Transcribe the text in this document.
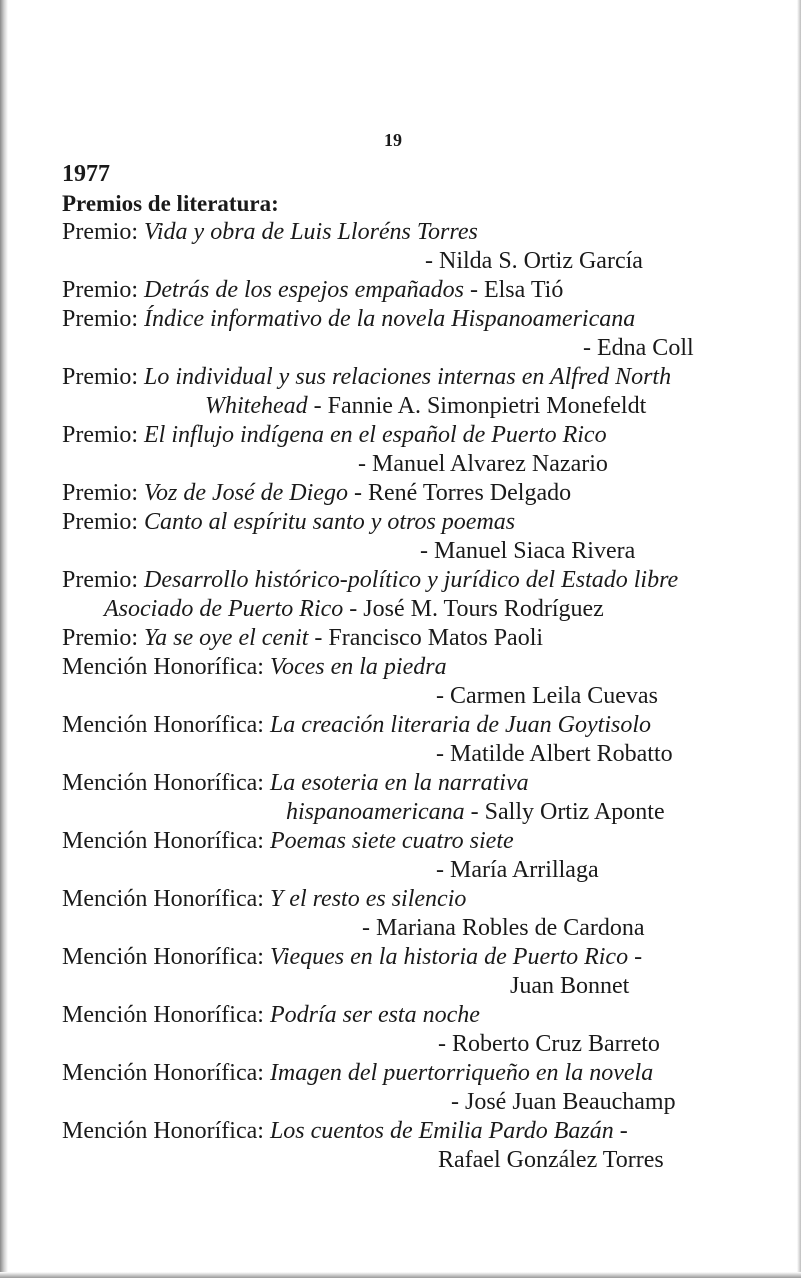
19
1977
Premios de literatura:
Premio: Vida y obra de Luis Lloréns Torres
- Nilda S. Ortiz García
Premio: Detrás de los espejos empañados - Elsa Tió
Premio: Índice informativo de la novela Hispanoamericana
- Edna Coll
Premio: Lo individual y sus relaciones internas en Alfred North
Whitehead - Fannie A. Simonpietri Monefeldt
Premio: El influjo indígena en el español de Puerto Rico
- Manuel Alvarez Nazario
Premio: Voz de José de Diego - René Torres Delgado
Premio: Canto al espíritu santo y otros poemas
- Manuel Siaca Rivera
Premio: Desarrollo histórico-político y jurídico del Estado libre
Asociado de Puerto Rico - José M. Tours Rodríguez
Premio: Ya se oye el cenit - Francisco Matos Paoli
Mención Honorífica: Voces en la piedra
- Carmen Leila Cuevas
Mención Honorífica: La creación literaria de Juan Goytisolo
- Matilde Albert Robatto
Mención Honorífica: La esoteria en la narrativa
hispanoamericana - Sally Ortiz Aponte
Mención Honorífica: Poemas siete cuatro siete
- María Arrillaga
Mención Honorífica: Y el resto es silencio
- Mariana Robles de Cardona
Mención Honorífica: Vieques en la historia de Puerto Rico -
Juan Bonnet
Mención Honorífica: Podría ser esta noche
- Roberto Cruz Barreto
Mención Honorífica: Imagen del puertorriqueño en la novela
- José Juan Beauchamp
Mención Honorífica: Los cuentos de Emilia Pardo Bazán -
Rafael González Torres
